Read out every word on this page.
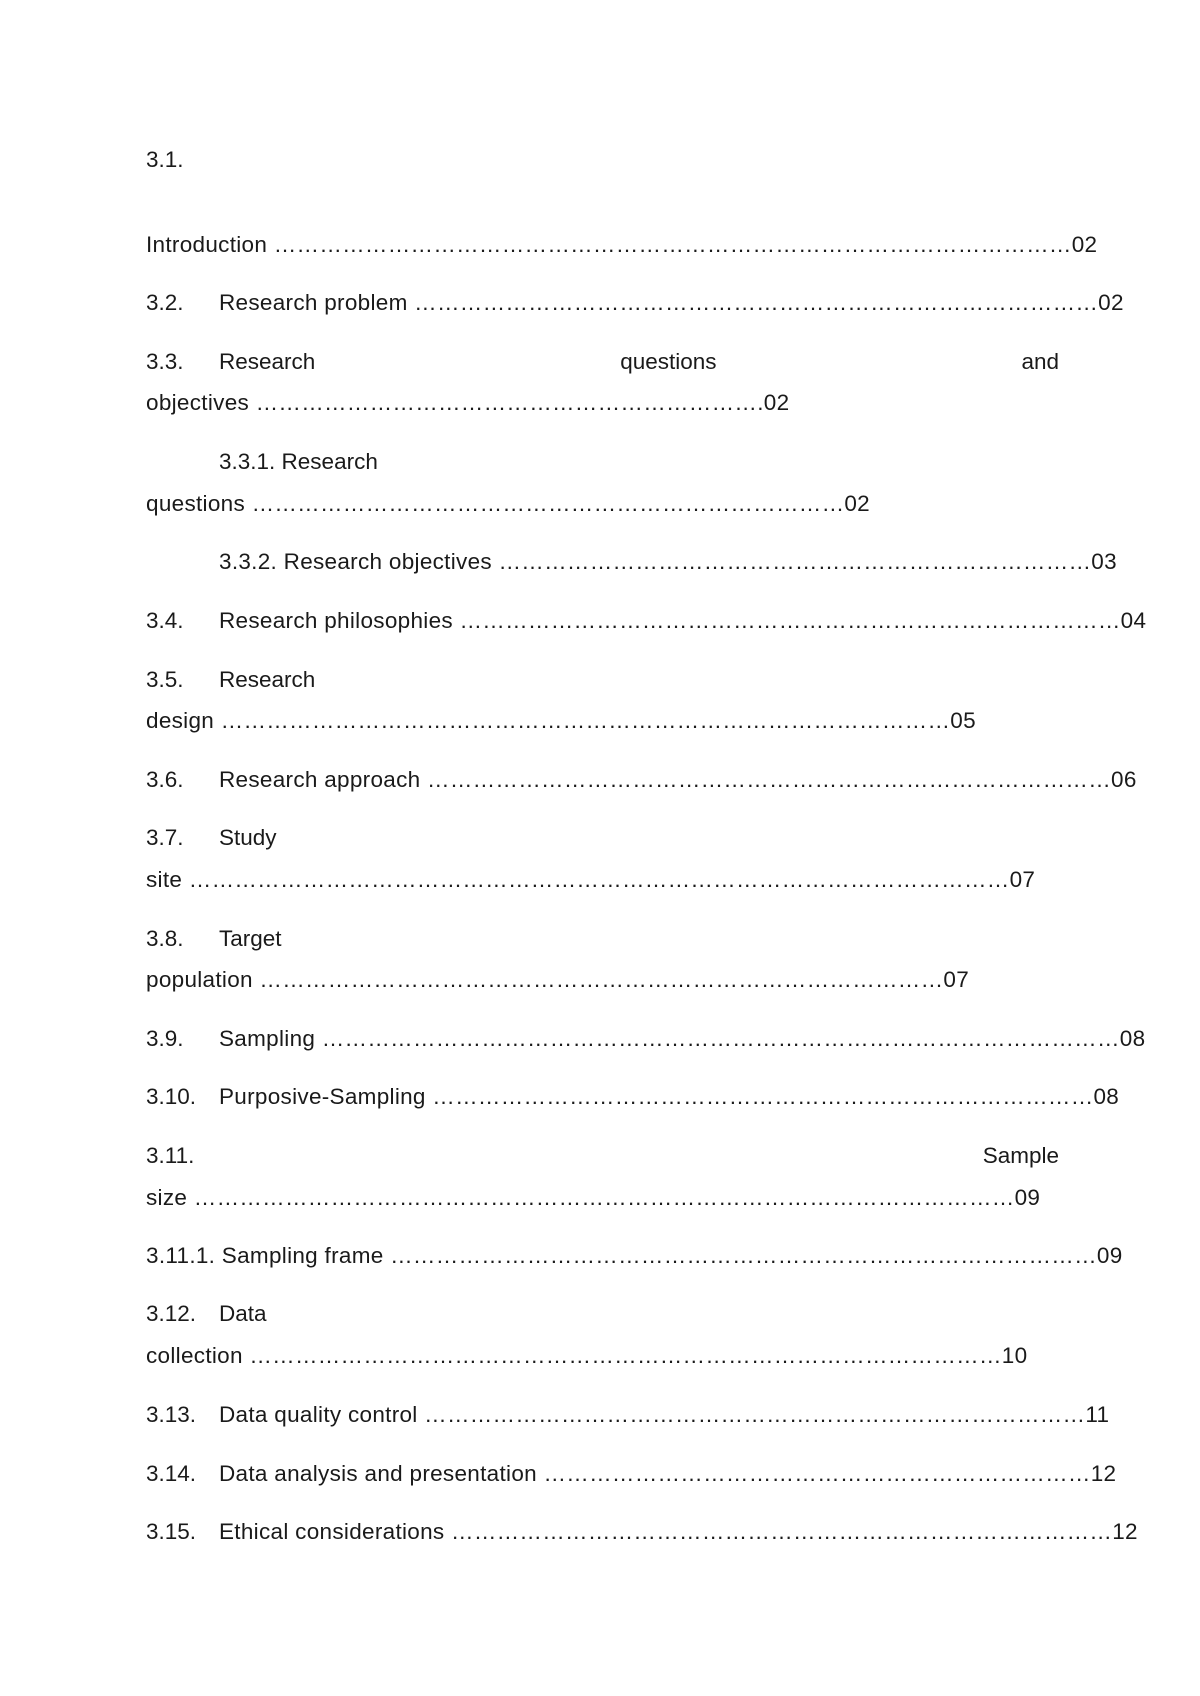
3.1.
Introduction ……………………………………………………………………………………………02
3.2. Research problem ………………………………………………………………………………02
3.3. Research	questions	and
objectives ………………………………………………………….02
3.3.1. Research
questions ……………………………………………………………………02
3.3.2. Research objectives ……………………………………………………………………03
3.4. Research philosophies ……………………………………………………………………………04
3.5. Research
design ……………………………………………………………………………………05
3.6. Research approach ………………………………………………………………………………06
3.7. Study
site ………………………………………………………………………………………………07
3.8. Target
population ………………………………………………………………………………07
3.9. Sampling ……………………………………………………………………………………………08
3.10. Purposive-Sampling ……………………………………………………………………………08
3.11.	Sample
size ………………………………………………………………………………………………09
3.11.1. Sampling frame …………………………………………………………………………………09
3.12. Data
collection ………………………………………………………………………………………10
3.13. Data quality control ……………………………………………………………………………11
3.14. Data analysis and presentation ………………………………………………………………12
3.15. Ethical considerations ……………………………………………………………………………12
